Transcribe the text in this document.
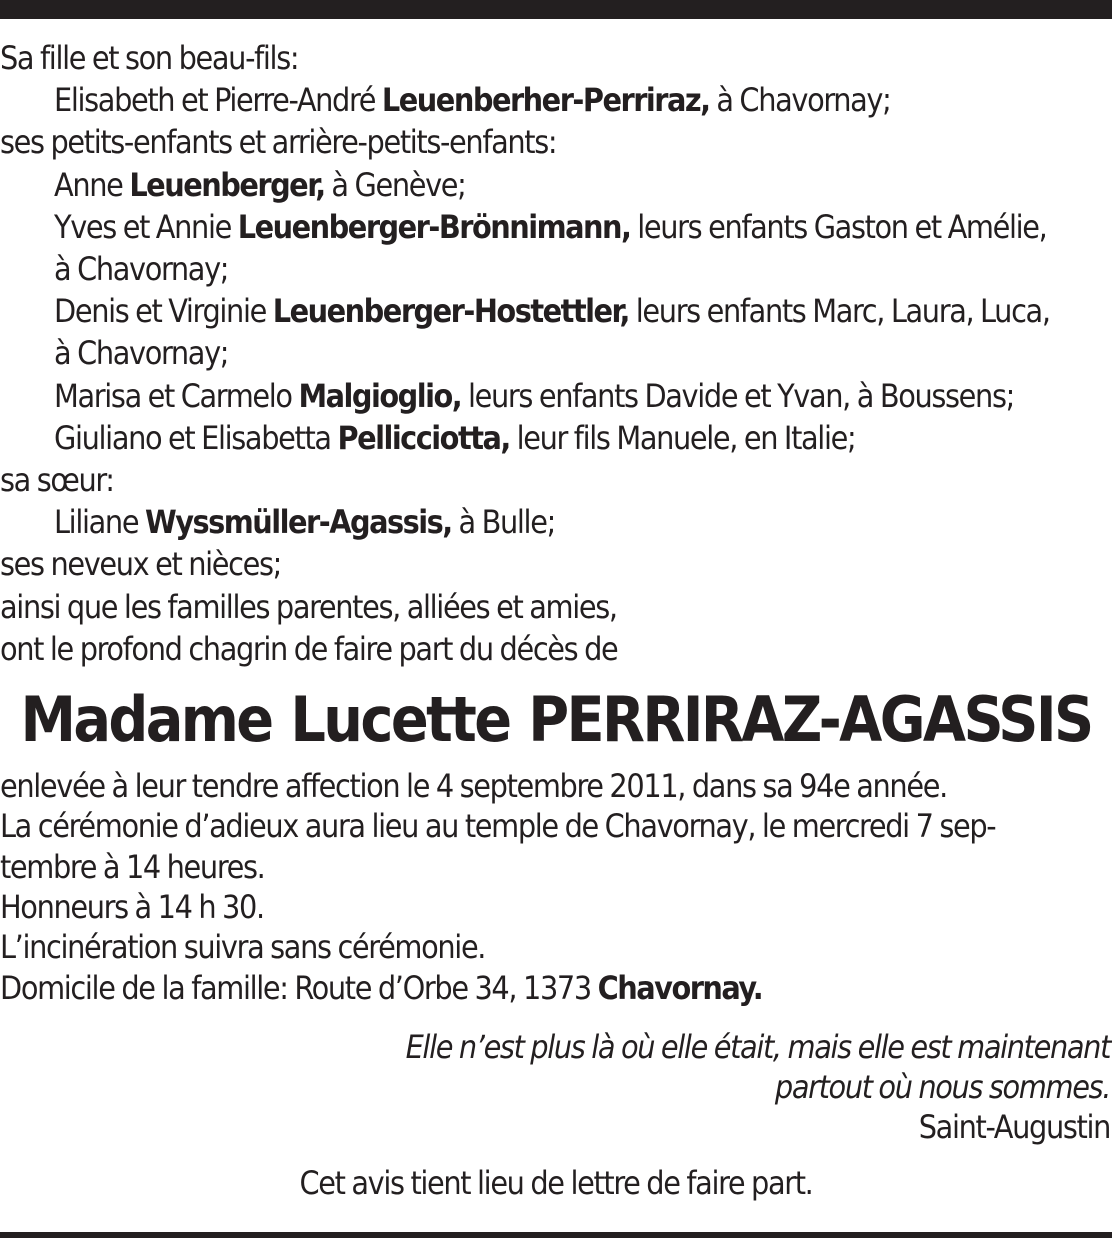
Sa fille et son beau-fils:

Elisabeth et Pierre-André Leuenberher-Perriraz, à Chavornay;

ses petits-enfants et arrière-petits-enfants:

Anne Leuenberger, à Genève;

Yves et Annie Leuenberger-Brönnimann, leurs enfants Gaston et Amélie,

à Chavornay;

Denis et Virginie Leuenberger-Hostettler, leurs enfants Marc, Laura, Luca,

à Chavornay;

Marisa et Carmelo Malgioglio, leurs enfants Davide et Yvan, à Boussens;

Giuliano et Elisabetta Pellicciotta, leur fils Manuele, en Italie;

sa sœur:

Liliane Wyssmüller-Agassis, à Bulle;

ses neveux et nièces;

ainsi que les familles parentes, alliées et amies,

ont le profond chagrin de faire part du décès de

Madame Lucette PERRIRAZ-AGASSIS

enlevée à leur tendre affection le 4 septembre 2011, dans sa 94e année.

La cérémonie d’adieux aura lieu au temple de Chavornay, le mercredi 7 sep-

tembre à 14 heures.

Honneurs à 14 h 30.

L’incinération suivra sans cérémonie.

Domicile de la famille: Route d’Orbe 34, 1373 Chavornay.

Elle n’est plus là où elle était, mais elle est maintenant

partout où nous sommes.

Saint-Augustin

Cet avis tient lieu de lettre de faire part.
